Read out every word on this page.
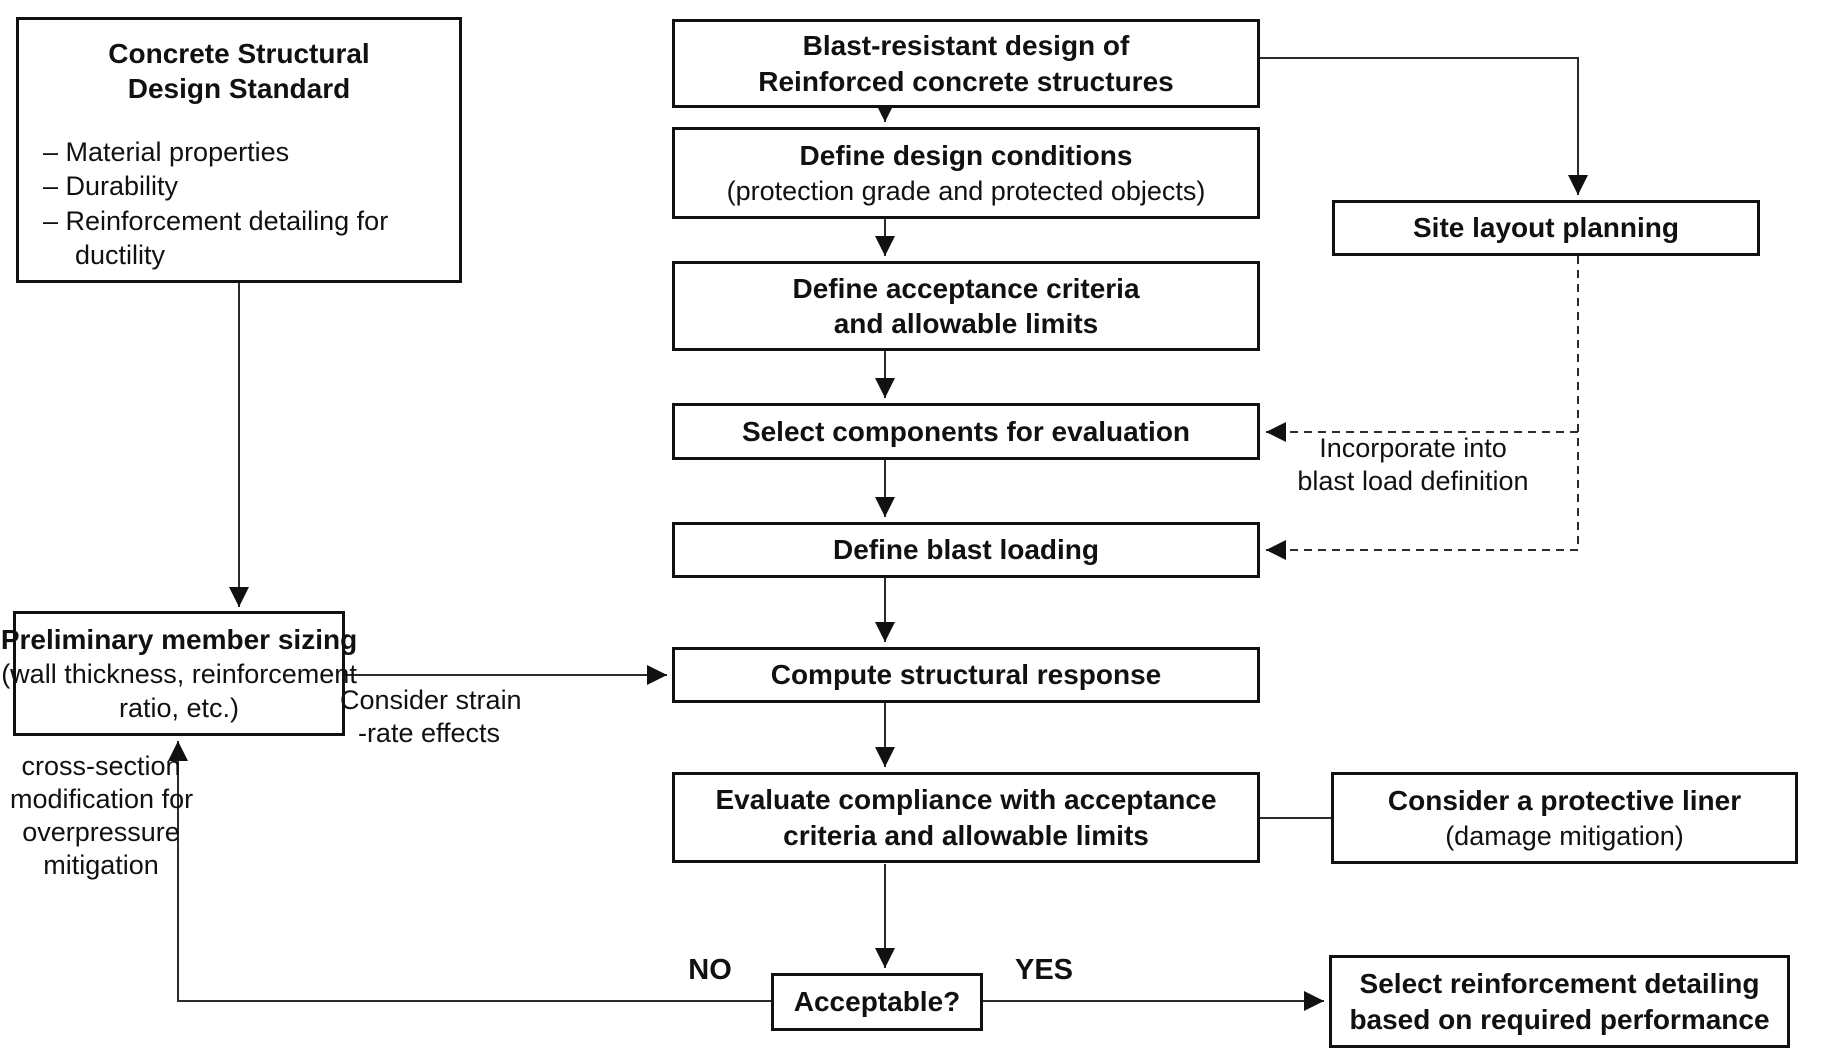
Concrete Structural
Design Standard
– Material properties
– Durability
– Reinforcement detailing for
ductility
Blast-resistant design of
Reinforced concrete structures
Define design conditions
(protection grade and protected objects)
Site layout planning
Define acceptance criteria
and allowable limits
Select components for evaluation
Define blast loading
Compute structural response
Evaluate compliance with acceptance
criteria and allowable limits
Consider a protective liner
(damage mitigation)
Preliminary member sizing
(wall thickness, reinforcement
ratio, etc.)
Acceptable?
Select reinforcement detailing
based on required performance
Incorporate into
blast load definition
Consider strain
-rate effects
cross-section
modification for
overpressure
mitigation
NO	YES
